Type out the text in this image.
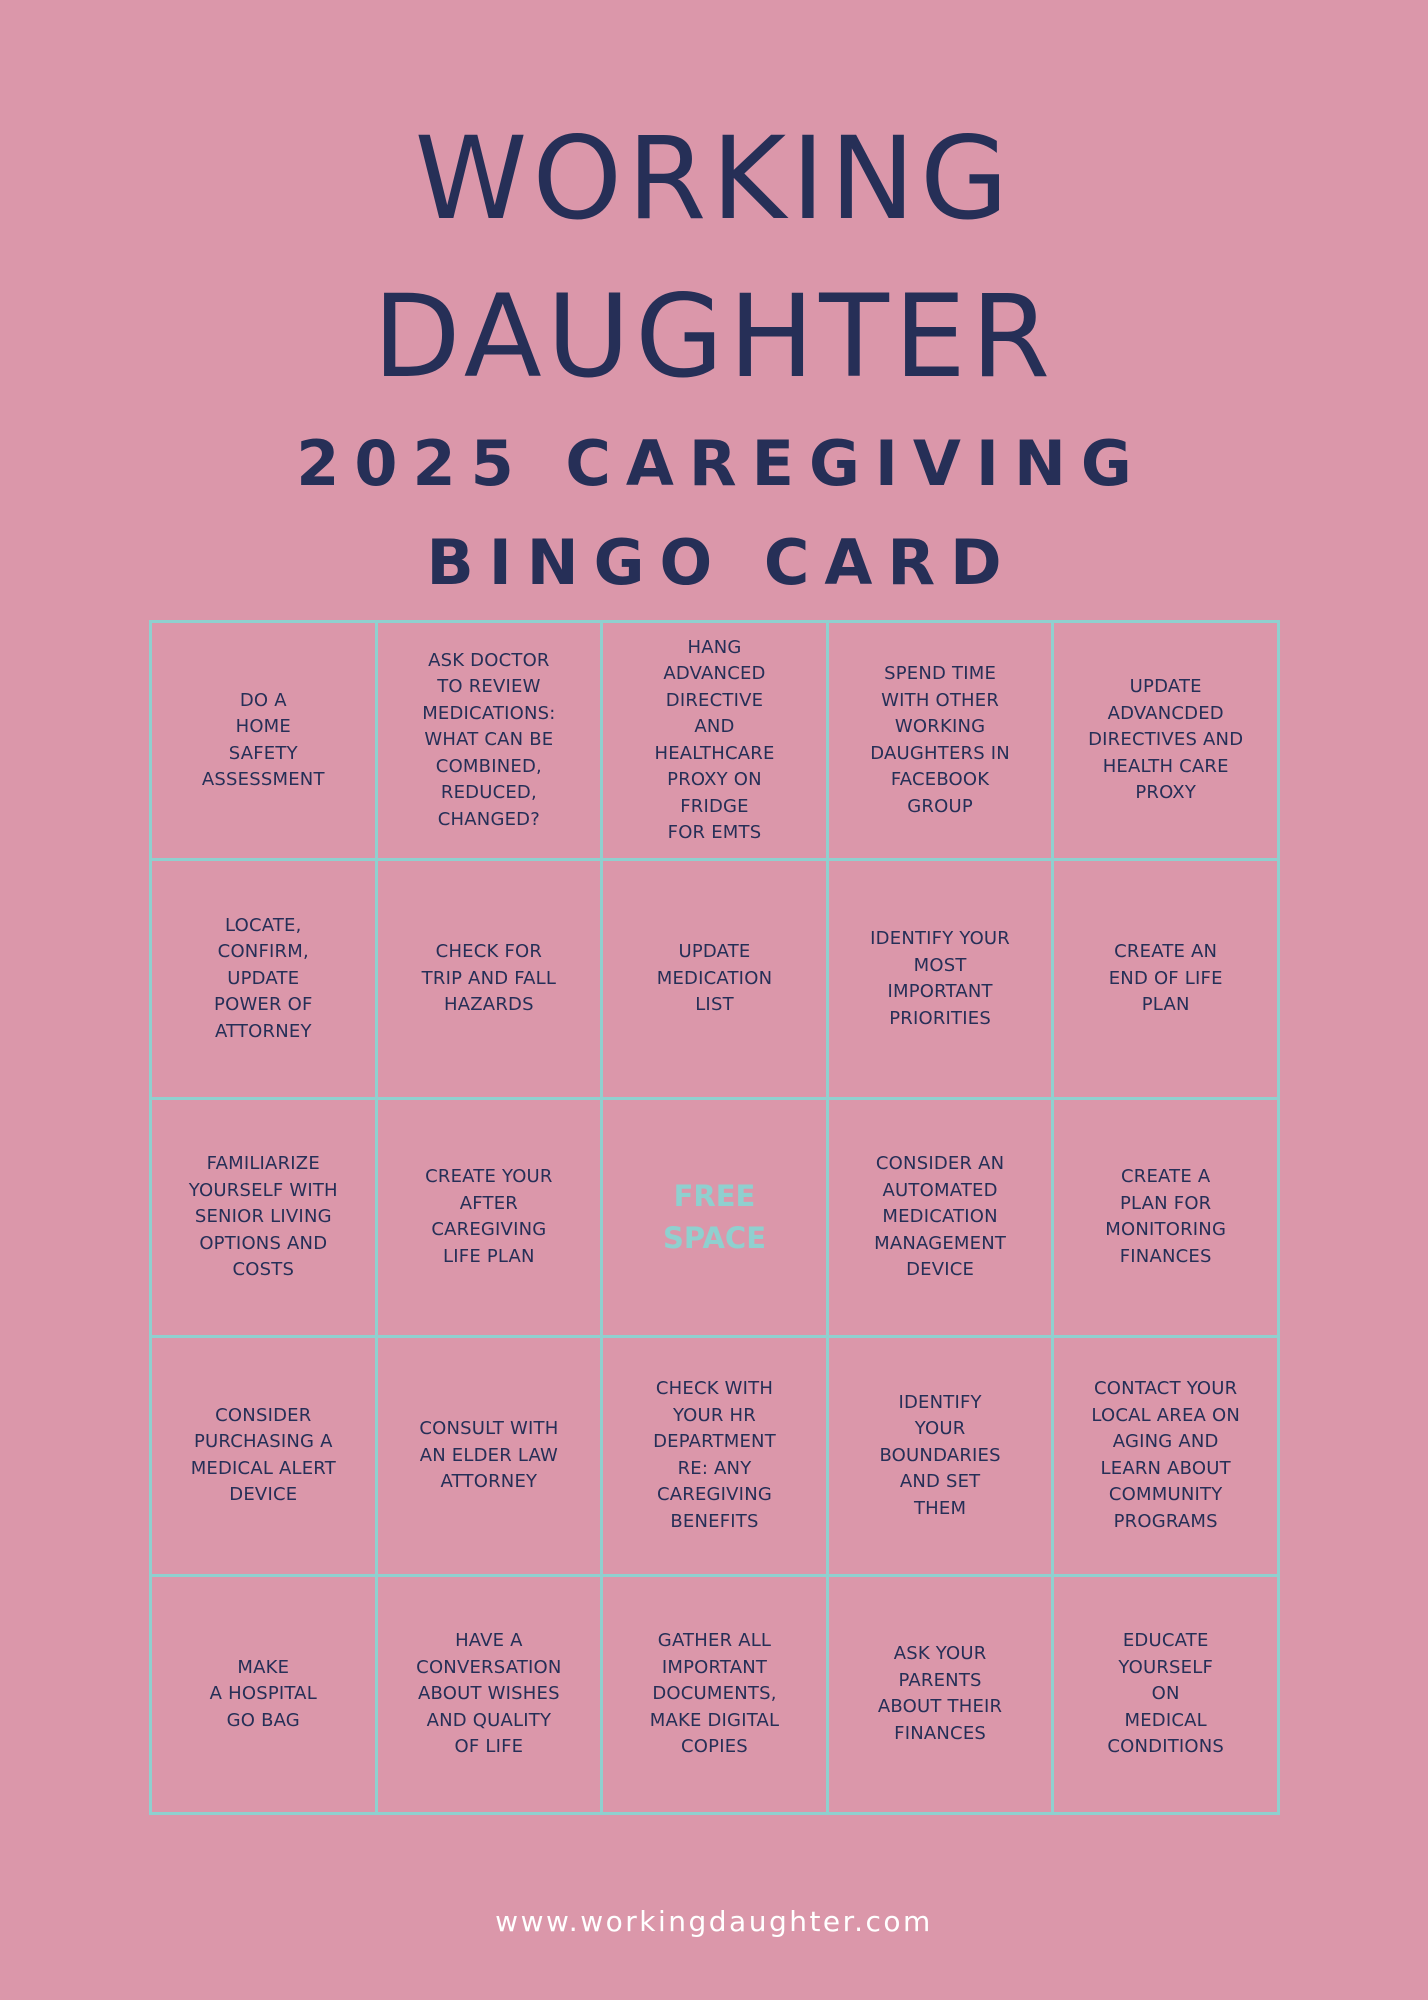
WORKING
DAUGHTER
2025 CAREGIVING
BINGO CARD
DO A
HOME
SAFETY
ASSESSMENT
ASK DOCTOR
TO REVIEW
MEDICATIONS:
WHAT CAN BE
COMBINED,
REDUCED,
CHANGED?
HANG
ADVANCED
DIRECTIVE
AND
HEALTHCARE
PROXY ON
FRIDGE
FOR EMTS
SPEND TIME
WITH OTHER
WORKING
DAUGHTERS IN
FACEBOOK
GROUP
UPDATE
ADVANCDED
DIRECTIVES AND
HEALTH CARE
PROXY
LOCATE,
CONFIRM,
UPDATE
POWER OF
ATTORNEY
CHECK FOR
TRIP AND FALL
HAZARDS
UPDATE
MEDICATION
LIST
IDENTIFY YOUR
MOST
IMPORTANT
PRIORITIES
CREATE AN
END OF LIFE
PLAN
FAMILIARIZE
YOURSELF WITH
SENIOR LIVING
OPTIONS AND
COSTS
CREATE YOUR
AFTER
CAREGIVING
LIFE PLAN
FREE
SPACE
CONSIDER AN
AUTOMATED
MEDICATION
MANAGEMENT
DEVICE
CREATE A
PLAN FOR
MONITORING
FINANCES
CONSIDER
PURCHASING A
MEDICAL ALERT
DEVICE
CONSULT WITH
AN ELDER LAW
ATTORNEY
CHECK WITH
YOUR HR
DEPARTMENT
RE: ANY
CAREGIVING
BENEFITS
IDENTIFY
YOUR
BOUNDARIES
AND SET
THEM
CONTACT YOUR
LOCAL AREA ON
AGING AND
LEARN ABOUT
COMMUNITY
PROGRAMS
MAKE
A HOSPITAL
GO BAG
HAVE A
CONVERSATION
ABOUT WISHES
AND QUALITY
OF LIFE
GATHER ALL
IMPORTANT
DOCUMENTS,
MAKE DIGITAL
COPIES
ASK YOUR
PARENTS
ABOUT THEIR
FINANCES
EDUCATE
YOURSELF
ON
MEDICAL
CONDITIONS
www.workingdaughter.com
